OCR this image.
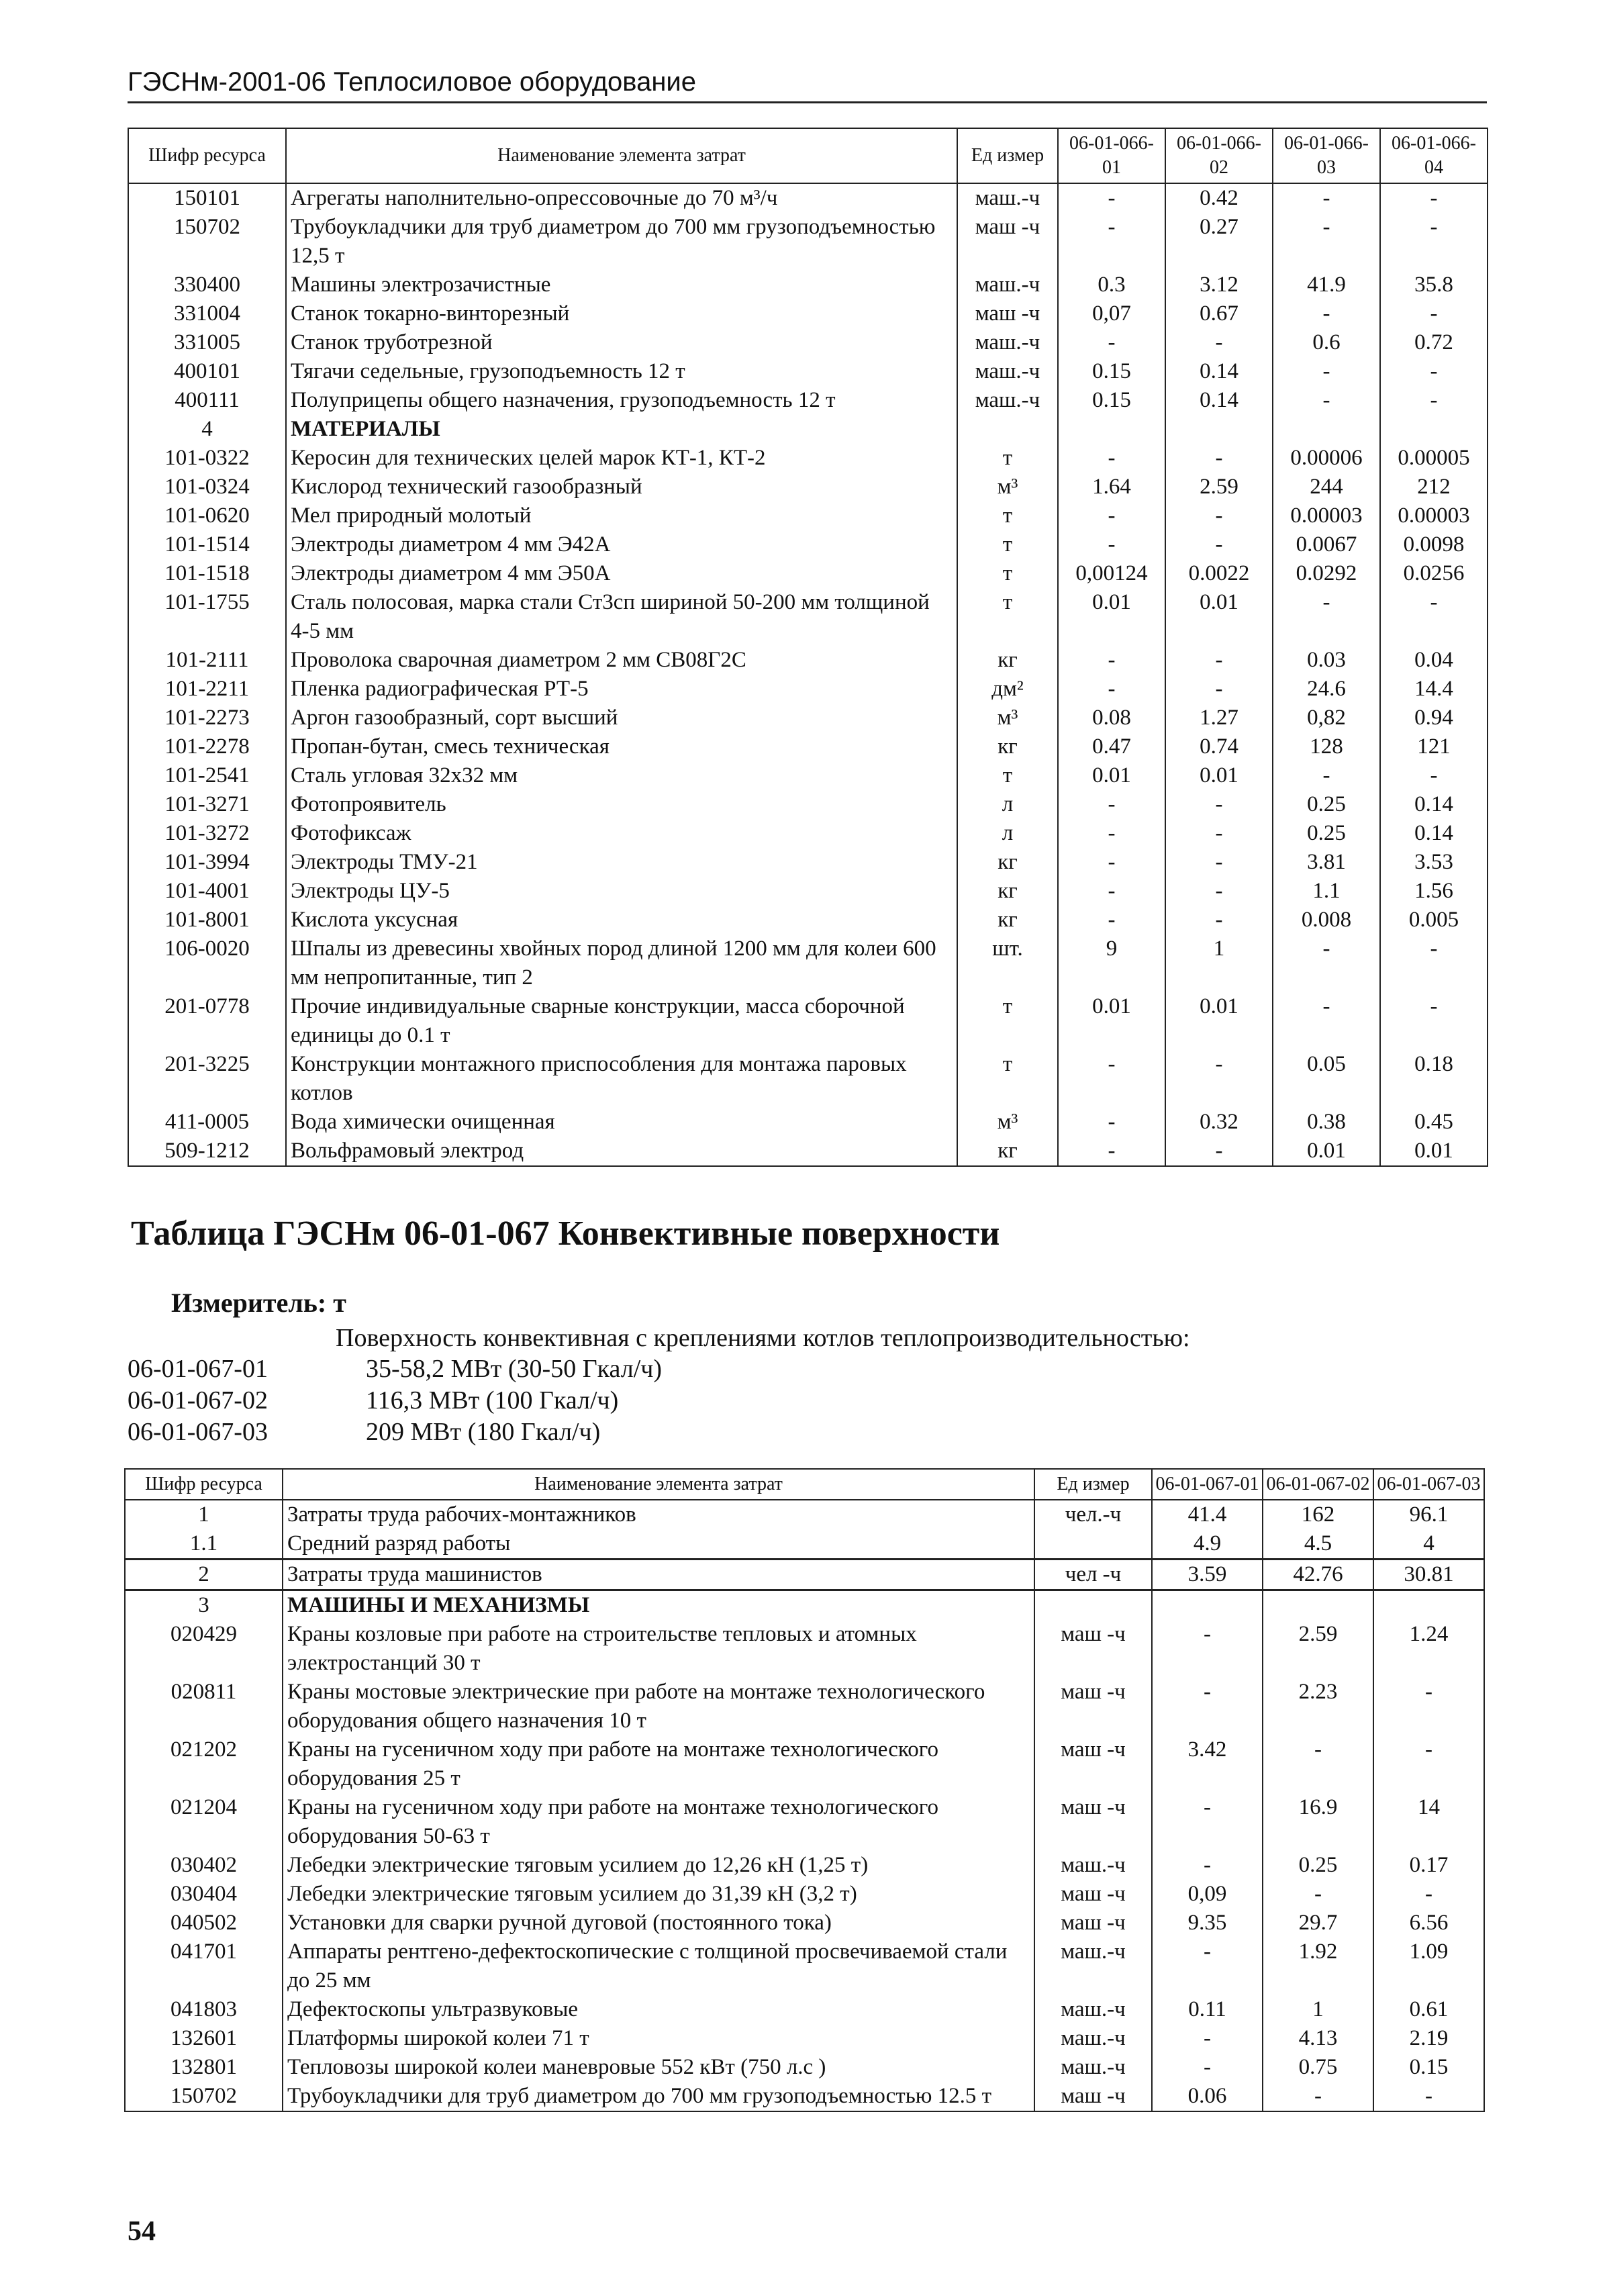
ГЭСНм-2001-06 Теплосиловое оборудование
Шифр ресурса	Наименование элемента затрат	Ед измер	06-01-066-01	06-01-066-02	06-01-066-03	06-01-066-04
150101	Агрегаты наполнительно-опрессовочные до 70 м³/ч	маш.-ч	-	0.42	-	-
150702	Трубоукладчики для труб диаметром до 700 мм грузоподъемностью 12,5 т	маш -ч	-	0.27	-	-
330400	Машины электрозачистные	маш.-ч	0.3	3.12	41.9	35.8
331004	Станок токарно-винторезный	маш -ч	0,07	0.67	-	-
331005	Станок труботрезной	маш.-ч	-	-	0.6	0.72
400101	Тягачи седельные, грузоподъемность 12 т	маш.-ч	0.15	0.14	-	-
400111	Полуприцепы общего назначения, грузоподъемность 12 т	маш.-ч	0.15	0.14	-	-
4	МАТЕРИАЛЫ					
101-0322	Керосин для технических целей марок КТ-1, КТ-2	т	-	-	0.00006	0.00005
101-0324	Кислород технический газообразный	м³	1.64	2.59	244	212
101-0620	Мел природный молотый	т	-	-	0.00003	0.00003
101-1514	Электроды диаметром 4 мм Э42А	т	-	-	0.0067	0.0098
101-1518	Электроды диаметром 4 мм Э50А	т	0,00124	0.0022	0.0292	0.0256
101-1755	Сталь полосовая, марка стали Ст3сп шириной 50-200 мм толщиной 4-5 мм	т	0.01	0.01	-	-
101-2111	Проволока сварочная диаметром 2 мм СВ08Г2С	кг	-	-	0.03	0.04
101-2211	Пленка радиографическая РТ-5	дм²	-	-	24.6	14.4
101-2273	Аргон газообразный, сорт высший	м³	0.08	1.27	0,82	0.94
101-2278	Пропан-бутан, смесь техническая	кг	0.47	0.74	128	121
101-2541	Сталь угловая 32х32 мм	т	0.01	0.01	-	-
101-3271	Фотопроявитель	л	-	-	0.25	0.14
101-3272	Фотофиксаж	л	-	-	0.25	0.14
101-3994	Электроды ТМУ-21	кг	-	-	3.81	3.53
101-4001	Электроды ЦУ-5	кг	-	-	1.1	1.56
101-8001	Кислота уксусная	кг	-	-	0.008	0.005
106-0020	Шпалы из древесины хвойных пород длиной 1200 мм для колеи 600 мм непропитанные, тип 2	шт.	9	1	-	-
201-0778	Прочие индивидуальные сварные конструкции, масса сборочной единицы до 0.1 т	т	0.01	0.01	-	-
201-3225	Конструкции монтажного приспособления для монтажа паровых котлов	т	-	-	0.05	0.18
411-0005	Вода химически очищенная	м³	-	0.32	0.38	0.45
509-1212	Вольфрамовый электрод	кг	-	-	0.01	0.01
Таблица ГЭСНм 06-01-067 Конвективные поверхности
Измеритель: т
Поверхность конвективная с креплениями котлов теплопроизводительностью:
06-01-067-01	35-58,2 МВт (30-50 Гкал/ч)
06-01-067-02	116,3 МВт (100 Гкал/ч)
06-01-067-03	209 МВт (180 Гкал/ч)
Шифр ресурса	Наименование элемента затрат	Ед измер	06-01-067-01	06-01-067-02	06-01-067-03
1	Затраты труда рабочих-монтажников	чел.-ч	41.4	162	96.1
1.1	Средний разряд работы		4.9	4.5	4
2	Затраты труда машинистов	чел -ч	3.59	42.76	30.81
3	МАШИНЫ И МЕХАНИЗМЫ				
020429	Краны козловые при работе на строительстве тепловых и атомных электростанций 30 т	маш -ч	-	2.59	1.24
020811	Краны мостовые электрические при работе на монтаже технологического оборудования общего назначения 10 т	маш -ч	-	2.23	-
021202	Краны на гусеничном ходу при работе на монтаже технологического оборудования 25 т	маш -ч	3.42	-	-
021204	Краны на гусеничном ходу при работе на монтаже технологического оборудования 50-63 т	маш -ч	-	16.9	14
030402	Лебедки электрические тяговым усилием до 12,26 кН (1,25 т)	маш.-ч	-	0.25	0.17
030404	Лебедки электрические тяговым усилием до 31,39 кН (3,2 т)	маш -ч	0,09	-	-
040502	Установки для сварки ручной дуговой (постоянного тока)	маш -ч	9.35	29.7	6.56
041701	Аппараты рентгено-дефектоскопические с толщиной просвечиваемой стали до 25 мм	маш.-ч	-	1.92	1.09
041803	Дефектоскопы ультразвуковые	маш.-ч	0.11	1	0.61
132601	Платформы широкой колеи 71 т	маш.-ч	-	4.13	2.19
132801	Тепловозы широкой колеи маневровые 552 кВт (750 л.с )	маш.-ч	-	0.75	0.15
150702	Трубоукладчики для труб диаметром до 700 мм грузоподъемностью 12.5 т	маш -ч	0.06	-	-
54
